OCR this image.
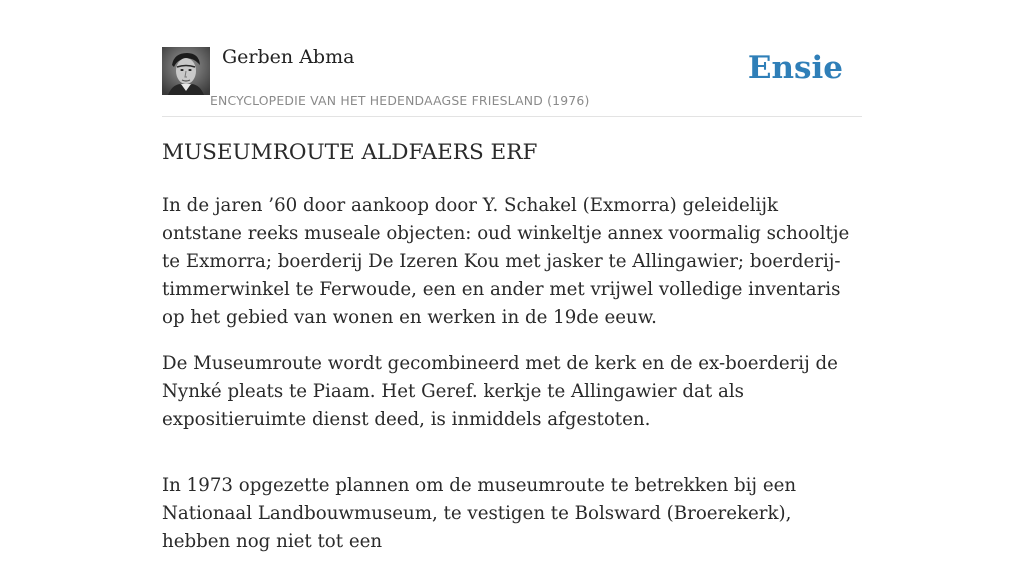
Gerben Abma
ENCYCLOPEDIE VAN HET HEDENDAAGSE FRIESLAND (1976)
Ensie
MUSEUMROUTE ALDFAERS ERF

In de jaren ’60 door aankoop door Y. Schakel (Exmorra) geleidelijk ontstane reeks museale objecten: oud winkeltje annex voormalig schooltje te Exmorra; boerderij De Izeren Kou met jasker te Allingawier; boerderij-timmerwinkel te Ferwoude, een en ander met vrijwel volledige inventaris op het gebied van wonen en werken in de 19de eeuw.

De Museumroute wordt gecombineerd met de kerk en de ex-boerderij de Nynké pleats te Piaam. Het Geref. kerkje te Allingawier dat als expositieruimte dienst deed, is inmiddels afgestoten.

In 1973 opgezette plannen om de museumroute te betrekken bij een Nationaal Landbouwmuseum, te vestigen te Bolsward (Broerekerk), hebben nog niet tot een
